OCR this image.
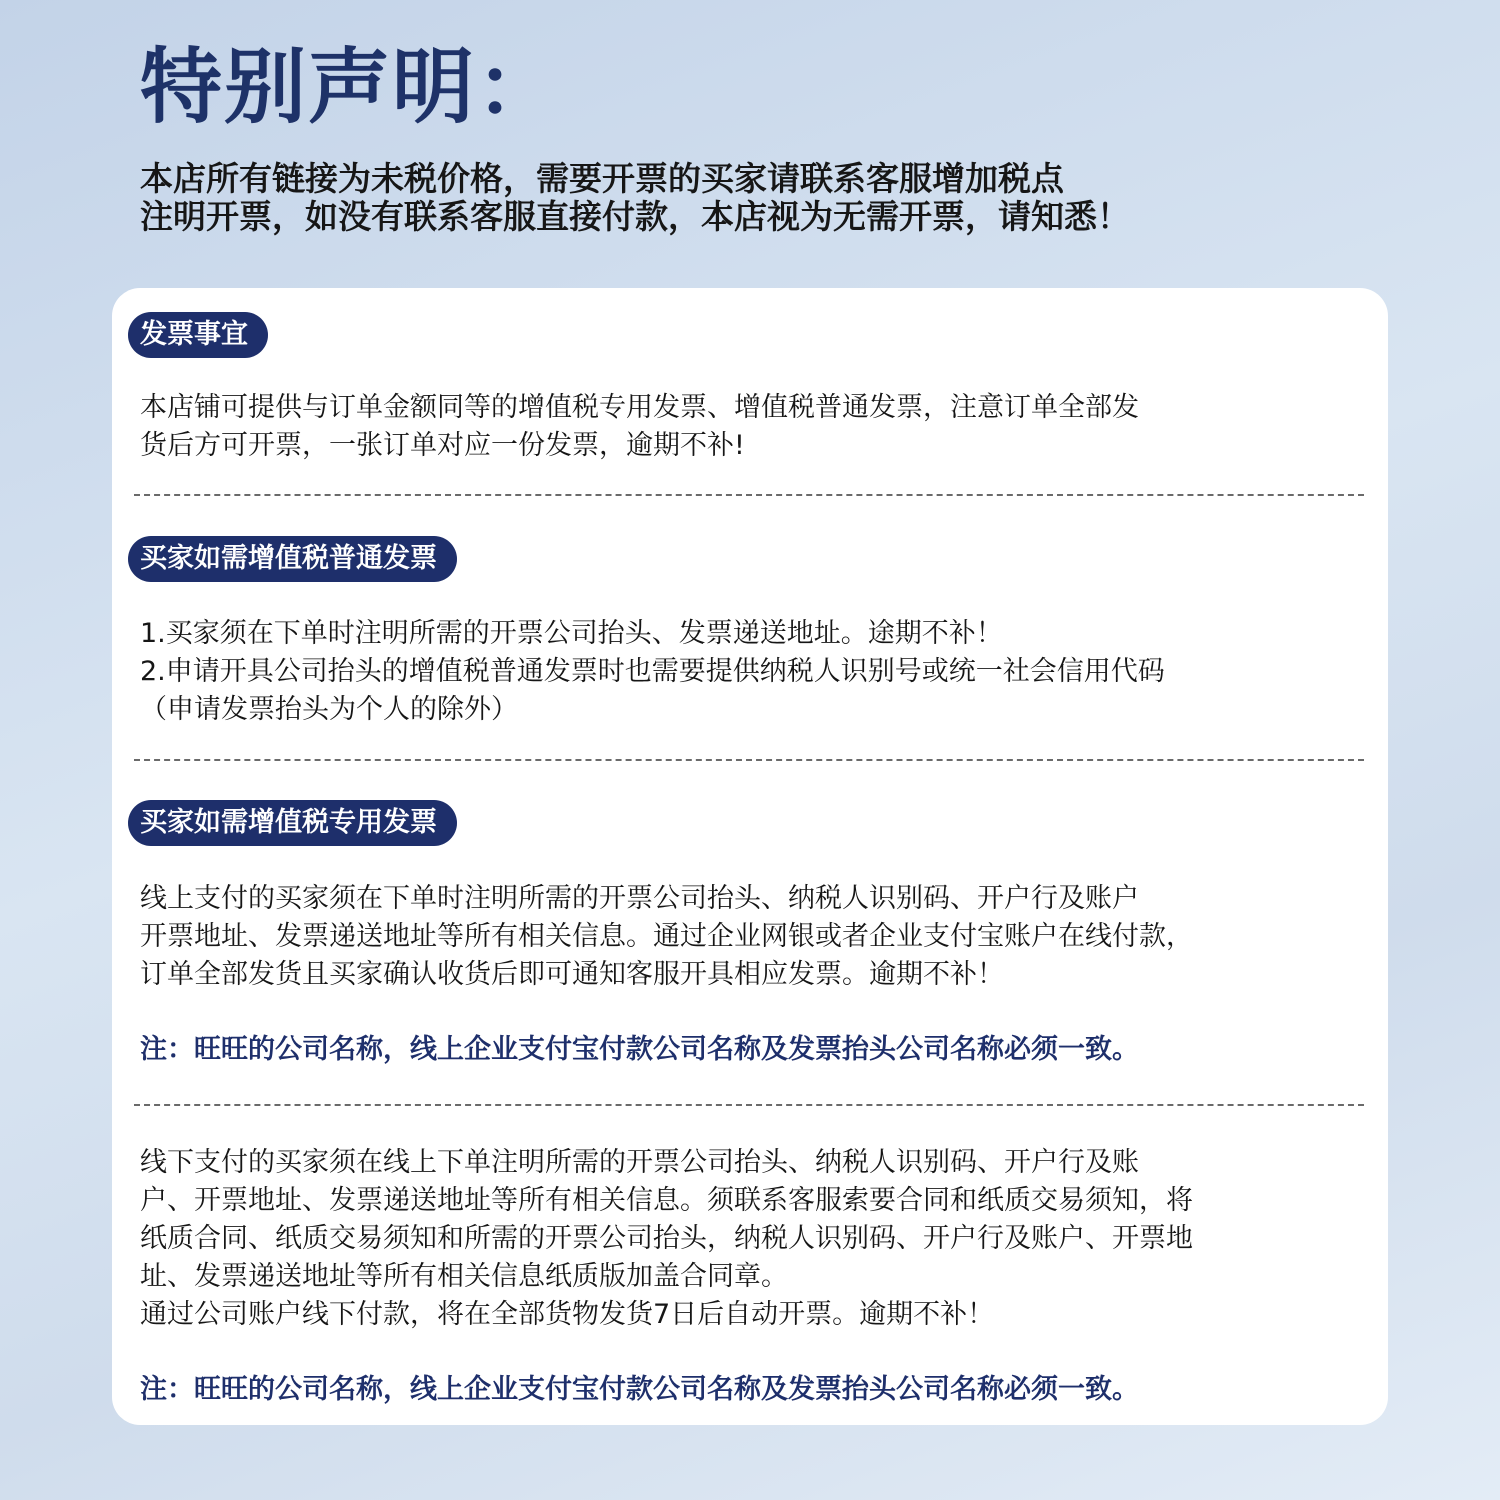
特别声明：
本店所有链接为未税价格，需要开票的买家请联系客服增加税点
注明开票，如没有联系客服直接付款，本店视为无需开票，请知悉！
发票事宜
本店铺可提供与订单金额同等的增值税专用发票、增值税普通发票，注意订单全部发
货后方可开票，一张订单对应一份发票，逾期不补!
买家如需增值税普通发票
1.买家须在下单时注明所需的开票公司抬头、发票递送地址。途期不补！
2.申请开具公司抬头的增值税普通发票时也需要提供纳税人识别号或统一社会信用代码
（申请发票抬头为个人的除外）
买家如需增值税专用发票
线上支付的买家须在下单时注明所需的开票公司抬头、纳税人识别码、开户行及账户
开票地址、发票递送地址等所有相关信息。通过企业网银或者企业支付宝账户在线付款，
订单全部发货且买家确认收货后即可通知客服开具相应发票。逾期不补！
注：旺旺的公司名称，线上企业支付宝付款公司名称及发票抬头公司名称必须一致。
线下支付的买家须在线上下单注明所需的开票公司抬头、纳税人识别码、开户行及账
户、开票地址、发票递送地址等所有相关信息。须联系客服索要合同和纸质交易须知，将
纸质合同、纸质交易须知和所需的开票公司抬头，纳税人识别码、开户行及账户、开票地
址、发票递送地址等所有相关信息纸质版加盖合同章。
通过公司账户线下付款，将在全部货物发货7日后自动开票。逾期不补！
注：旺旺的公司名称，线上企业支付宝付款公司名称及发票抬头公司名称必须一致。
